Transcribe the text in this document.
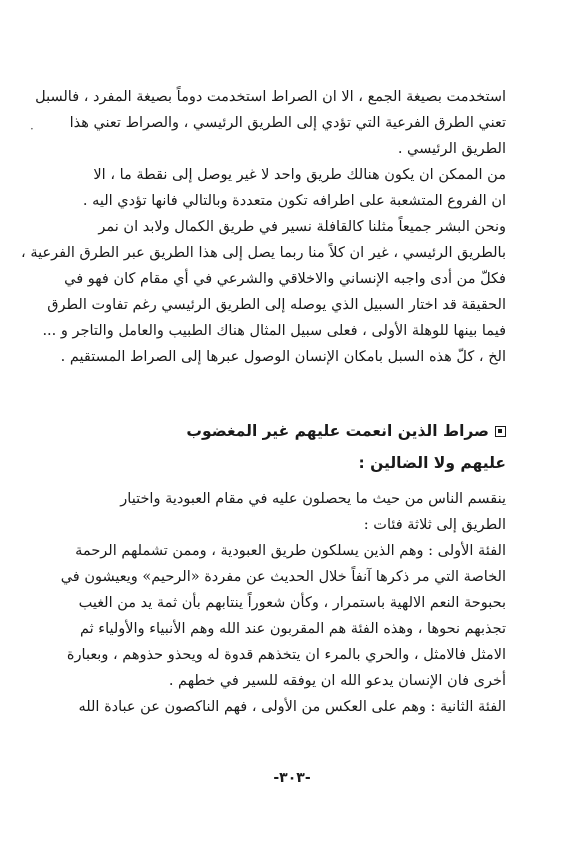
·
استخدمت بصيغة الجمع ، الا ان الصراط استخدمت دوماً بصيغة المفرد ، فالسبل
تعني الطرق الفرعية التي تؤدي إلى الطريق الرئيسي ، والصراط تعني هذا
الطريق الرئيسي .
من الممكن ان يكون هنالك طريق واحد لا غير يوصل إلى نقطة ما ، الا
ان الفروع المتشعبة على اطرافه تكون متعددة وبالتالي فانها تؤدي اليه .
ونحن البشر جميعاً مثلنا كالقافلة نسير في طريق الكمال ولابد ان نمر
بالطريق الرئيسي ، غير ان كلاً منا ربما يصل إلى هذا الطريق عبر الطرق الفرعية ،
فكلّ من أدى واجبه الإنساني والاخلاقي والشرعي في أي مقام كان فهو في
الحقيقة قد اختار السبيل الذي يوصله إلى الطريق الرئيسي رغم تفاوت الطرق
فيما بينها للوهلة الأولى ، فعلى سبيل المثال هناك الطبيب والعامل والتاجر و ...
الخ ، كلّ هذه السبل بامكان الإنسان الوصول عبرها إلى الصراط المستقيم .
صراط الذين انعمت عليهم غير المغضوب
عليهم ولا الضالين :
ينقسم الناس من حيث ما يحصلون عليه في مقام العبودية واختيار
الطريق إلى ثلاثة فئات :
الفئة الأولى : وهم الذين يسلكون طريق العبودية ، وممن تشملهم الرحمة
الخاصة التي مر ذكرها آنفاً خلال الحديث عن مفردة «الرحيم» ويعيشون في
بحبوحة النعم الالهية باستمرار ، وكأن شعوراً ينتابهم بأن ثمة يد من الغيب
تجذبهم نحوها ، وهذه الفئة هم المقربون عند الله وهم الأنبياء والأولياء ثم
الامثل فالامثل ، والحري بالمرء ان يتخذهم قدوة له ويحذو حذوهم ، وبعبارة
أخرى فان الإنسان يدعو الله ان يوفقه للسير في خطهم .
الفئة الثانية : وهم على العكس من الأولى ، فهم الناكصون عن عبادة الله
-٣٠٣-
